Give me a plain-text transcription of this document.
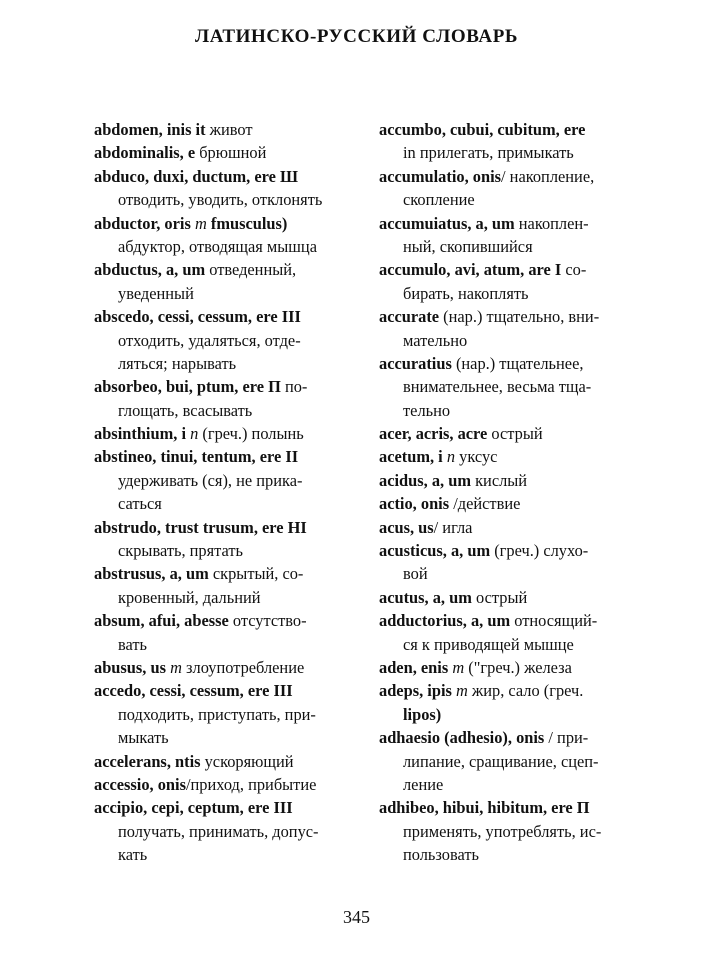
ЛАТИНСКО-РУССКИЙ СЛОВАРЬ
abdomen, inis it живот
abdominalis, e брюшной
abduco, duxi, ductum, ere Ш
отводить, уводить, отклонять
abductor, oris m fmusculus)
абдуктор, отводящая мышца
abductus, a, um отведенный,
уведенный
abscedo, cessi, cessum, ere III
отходить, удаляться, отде-
ляться; нарывать
absorbeo, bui, ptum, ere П по-
глощать, всасывать
absinthium, i n (греч.) полынь
abstineo, tinui, tentum, ere II
удерживать (ся), не прика-
саться
abstrudo, trust trusum, ere HI
скрывать, прятать
abstrusus, a, um скрытый, со-
кровенный, дальний
absum, afui, abesse отсутство-
вать
abusus, us m злоупотребление
accedo, cessi, cessum, ere III
подходить, приступать, при-
мыкать
accelerans, ntis ускоряющий
accessio, onis/приход, прибытие
accipio, cepi, ceptum, ere III
получать, принимать, допус-
кать
accumbo, cubui, cubitum, ere
in прилегать, примыкать
accumulatio, onis/ накопление,
скопление
accumuiatus, a, um накоплен-
ный, скопившийся
accumulo, avi, atum, are I со-
бирать, накоплять
accurate (нар.) тщательно, вни-
мательно
accuratius (нар.) тщательнее,
внимательнее, весьма тща-
тельно
acer, acris, acre острый
acetum, i n уксус
acidus, a, um кислый
actio, onis /действие
acus, us/ игла
acusticus, a, um (греч.) слухо-
вой
acutus, a, um острый
adductorius, a, um относящий-
ся к приводящей мышце
aden, enis m ("греч.) железа
adeps, ipis m жир, сало (греч.
lipos)
adhaesio (adhesio), onis / при-
липание, сращивание, сцеп-
ление
adhibeo, hibui, hibitum, ere П
применять, употреблять, ис-
пользовать
345
